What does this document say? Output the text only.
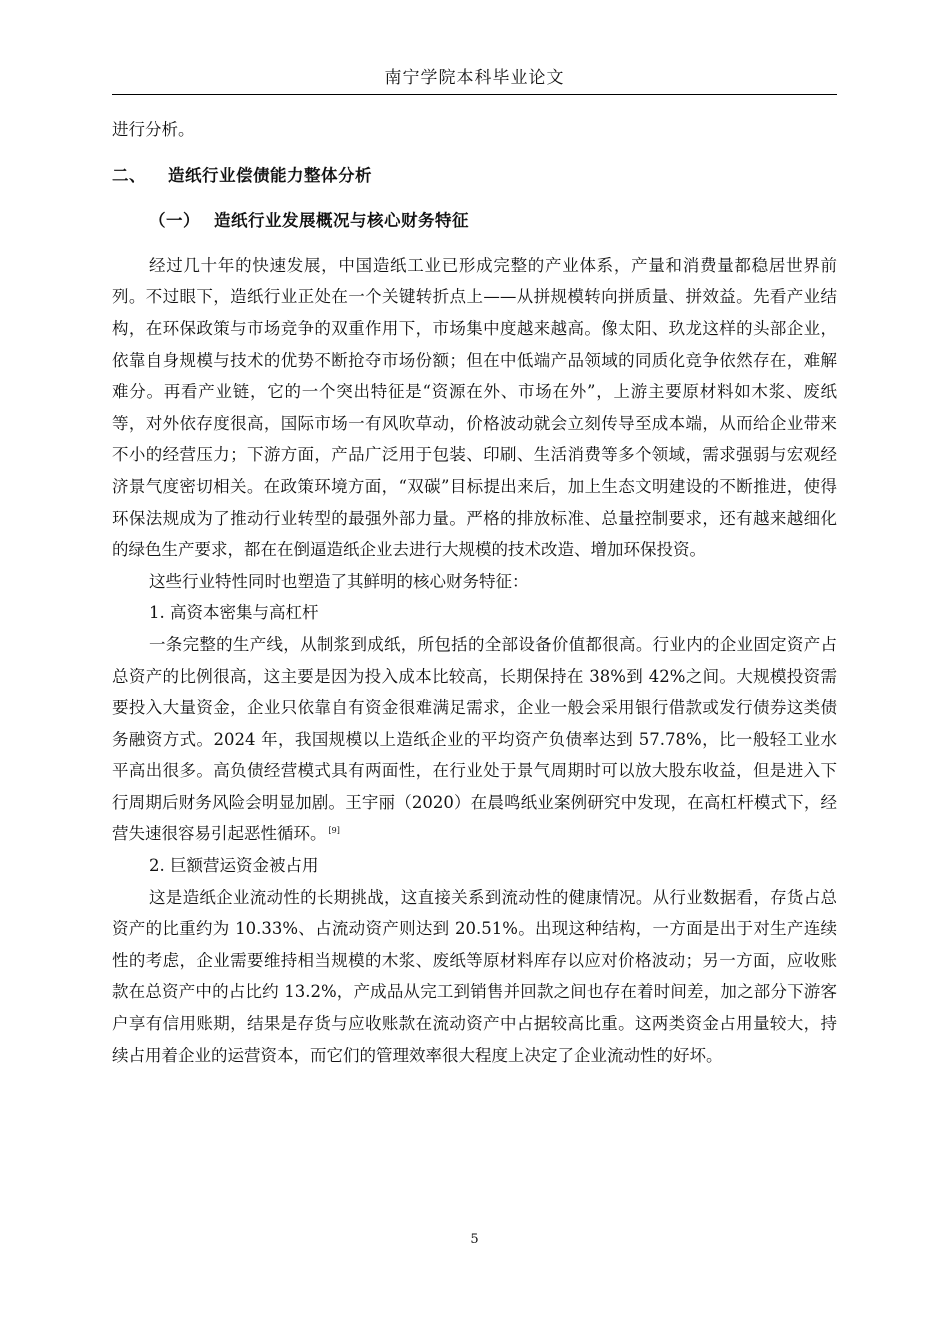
南宁学院本科毕业论文

进行分析。

二、 造纸行业偿债能力整体分析

（一） 造纸行业发展概况与核心财务特征

经过几十年的快速发展，中国造纸工业已形成完整的产业体系，产量和消费量都稳居世界前列。不过眼下，造纸行业正处在一个关键转折点上——从拼规模转向拼质量、拼效益。先看产业结构，在环保政策与市场竞争的双重作用下，市场集中度越来越高。像太阳、玖龙这样的头部企业，依靠自身规模与技术的优势不断抢夺市场份额；但在中低端产品领域的同质化竞争依然存在，难解难分。再看产业链，它的一个突出特征是“资源在外、市场在外”，上游主要原材料如木浆、废纸等，对外依存度很高，国际市场一有风吹草动，价格波动就会立刻传导至成本端，从而给企业带来不小的经营压力；下游方面，产品广泛用于包装、印刷、生活消费等多个领域，需求强弱与宏观经济景气度密切相关。在政策环境方面，“双碳”目标提出来后，加上生态文明建设的不断推进，使得环保法规成为了推动行业转型的最强外部力量。严格的排放标准、总量控制要求，还有越来越细化的绿色生产要求，都在在倒逼造纸企业去进行大规模的技术改造、增加环保投资。

这些行业特性同时也塑造了其鲜明的核心财务特征：

1. 高资本密集与高杠杆

一条完整的生产线，从制浆到成纸，所包括的全部设备价值都很高。行业内的企业固定资产占总资产的比例很高，这主要是因为投入成本比较高，长期保持在 38%到 42%之间。大规模投资需要投入大量资金，企业只依靠自有资金很难满足需求，企业一般会采用银行借款或发行债券这类债务融资方式。2024 年，我国规模以上造纸企业的平均资产负债率达到 57.78%，比一般轻工业水平高出很多。高负债经营模式具有两面性，在行业处于景气周期时可以放大股东收益，但是进入下行周期后财务风险会明显加剧。王宇丽（2020）在晨鸣纸业案例研究中发现，在高杠杆模式下，经营失速很容易引起恶性循环。 [9]

2. 巨额营运资金被占用

这是造纸企业流动性的长期挑战，这直接关系到流动性的健康情况。从行业数据看，存货占总资产的比重约为 10.33%、占流动资产则达到 20.51%。出现这种结构，一方面是出于对生产连续性的考虑，企业需要维持相当规模的木浆、废纸等原材料库存以应对价格波动；另一方面，应收账款在总资产中的占比约 13.2%，产成品从完工到销售并回款之间也存在着时间差，加之部分下游客户享有信用账期，结果是存货与应收账款在流动资产中占据较高比重。这两类资金占用量较大，持续占用着企业的运营资本，而它们的管理效率很大程度上决定了企业流动性的好坏。

5
